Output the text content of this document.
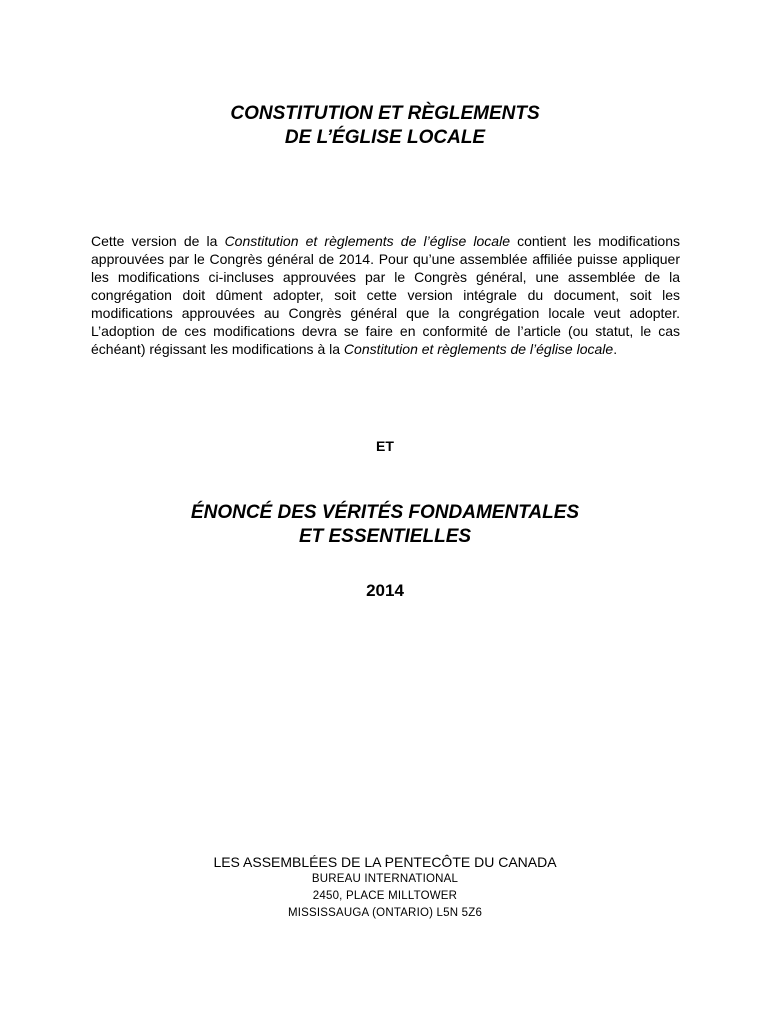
CONSTITUTION ET RÈGLEMENTS
DE L’ÉGLISE LOCALE

Cette version de la Constitution et règlements de l’église locale contient les modifications approuvées par le Congrès général de 2014. Pour qu’une assemblée affiliée puisse appliquer les modifications ci-incluses approuvées par le Congrès général, une assemblée de la congrégation doit dûment adopter, soit cette version intégrale du document, soit les modifications approuvées au Congrès général que la congrégation locale veut adopter. L’adoption de ces modifications devra se faire en conformité de l’article (ou statut, le cas échéant) régissant les modifications à la Constitution et règlements de l’église locale.

ET
ÉNONCÉ DES VÉRITÉS FONDAMENTALES
ET ESSENTIELLES
2014
LES ASSEMBLÉES DE LA PENTECÔTE DU CANADA
BUREAU INTERNATIONAL
2450, PLACE MILLTOWER
MISSISSAUGA (ONTARIO) L5N 5Z6
